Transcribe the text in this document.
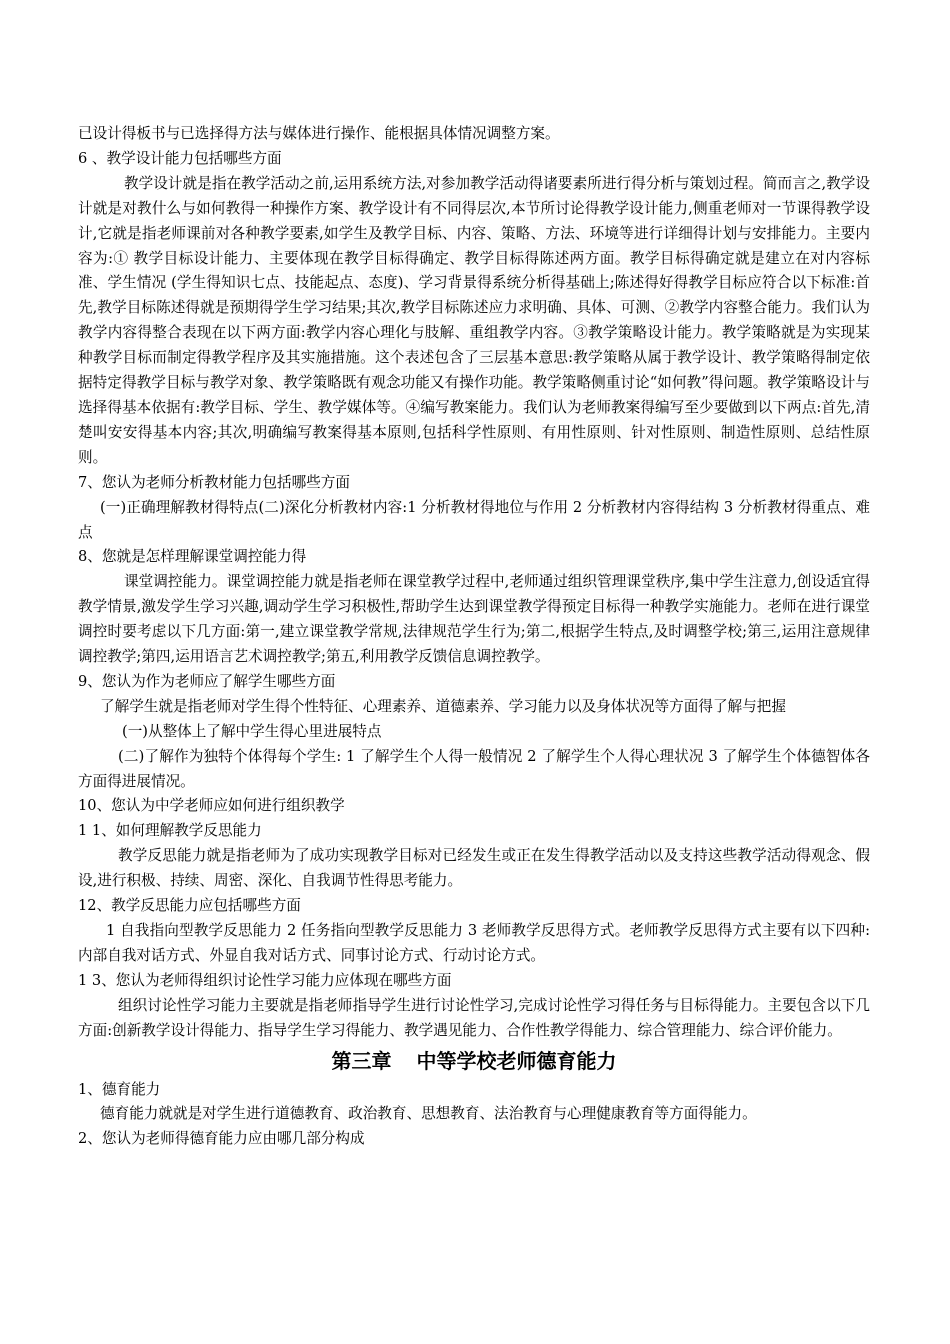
已设计得板书与已选择得方法与媒体进行操作、能根据具体情况调整方案。

6 、教学设计能力包括哪些方面

教学设计就是指在教学活动之前,运用系统方法,对参加教学活动得诸要素所进行得分析与策划过程。简而言之,教学设计就是对教什么与如何教得一种操作方案、教学设计有不同得层次,本节所讨论得教学设计能力,侧重老师对一节课得教学设计,它就是指老师课前对各种教学要素,如学生及教学目标、内容、策略、方法、环境等进行详细得计划与安排能力。主要内容为:① 教学目标设计能力、主要体现在教学目标得确定、教学目标得陈述两方面。教学目标得确定就是建立在对内容标准、学生情况 (学生得知识七点、技能起点、态度)、学习背景得系统分析得基础上;陈述得好得教学目标应符合以下标准:首先,教学目标陈述得就是预期得学生学习结果;其次,教学目标陈述应力求明确、具体、可测、②教学内容整合能力。我们认为教学内容得整合表现在以下两方面:教学内容心理化与肢解、重组教学内容。③教学策略设计能力。教学策略就是为实现某种教学目标而制定得教学程序及其实施措施。这个表述包含了三层基本意思:教学策略从属于教学设计、教学策略得制定依据特定得教学目标与教学对象、教学策略既有观念功能又有操作功能。教学策略侧重讨论“如何教”得问题。教学策略设计与选择得基本依据有:教学目标、学生、教学媒体等。④编写教案能力。我们认为老师教案得编写至少要做到以下两点:首先,清楚叫安安得基本内容;其次,明确编写教案得基本原则,包括科学性原则、有用性原则、针对性原则、制造性原则、总结性原则。

7、您认为老师分析教材能力包括哪些方面

(一)正确理解教材得特点(二)深化分析教材内容:1 分析教材得地位与作用 2 分析教材内容得结构 3 分析教材得重点、难点

8、您就是怎样理解课堂调控能力得

课堂调控能力。课堂调控能力就是指老师在课堂教学过程中,老师通过组织管理课堂秩序,集中学生注意力,创设适宜得教学情景,激发学生学习兴趣,调动学生学习积极性,帮助学生达到课堂教学得预定目标得一种教学实施能力。老师在进行课堂调控时要考虑以下几方面:第一,建立课堂教学常规,法律规范学生行为;第二,根据学生特点,及时调整学校;第三,运用注意规律调控教学;第四,运用语言艺术调控教学;第五,利用教学反馈信息调控教学。

9、您认为作为老师应了解学生哪些方面

了解学生就是指老师对学生得个性特征、心理素养、道德素养、学习能力以及身体状况等方面得了解与把握

(一)从整体上了解中学生得心里进展特点

(二)了解作为独特个体得每个学生: 1 了解学生个人得一般情况 2 了解学生个人得心理状况 3 了解学生个体德智体各方面得进展情况。

10、您认为中学老师应如何进行组织教学

1 1、如何理解教学反思能力

教学反思能力就是指老师为了成功实现教学目标对已经发生或正在发生得教学活动以及支持这些教学活动得观念、假设,进行积极、持续、周密、深化、自我调节性得思考能力。

12、教学反思能力应包括哪些方面

1 自我指向型教学反思能力 2 任务指向型教学反思能力 3 老师教学反思得方式。老师教学反思得方式主要有以下四种:内部自我对话方式、外显自我对话方式、同事讨论方式、行动讨论方式。

1 3、您认为老师得组织讨论性学习能力应体现在哪些方面

组织讨论性学习能力主要就是指老师指导学生进行讨论性学习,完成讨论性学习得任务与目标得能力。主要包含以下几方面:创新教学设计得能力、指导学生学习得能力、教学遇见能力、合作性教学得能力、综合管理能力、综合评价能力。

第三章 中等学校老师德育能力

1、德育能力

德育能力就就是对学生进行道德教育、政治教育、思想教育、法治教育与心理健康教育等方面得能力。

2、您认为老师得德育能力应由哪几部分构成
